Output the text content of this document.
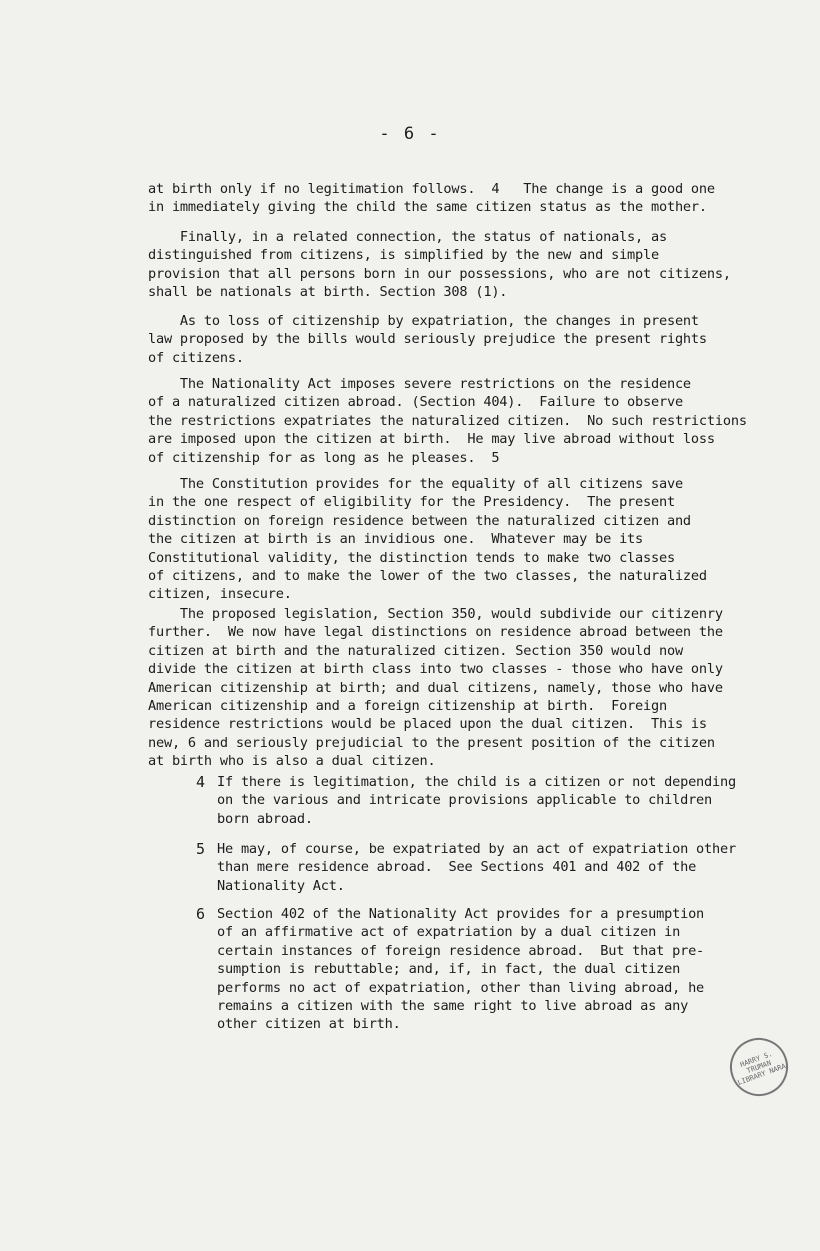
- 6 -
at birth only if no legitimation follows.  4   The change is a good one
in immediately giving the child the same citizen status as the mother.
Finally, in a related connection, the status of nationals, as
distinguished from citizens, is simplified by the new and simple
provision that all persons born in our possessions, who are not citizens,
shall be nationals at birth. Section 308 (1).
As to loss of citizenship by expatriation, the changes in present
law proposed by the bills would seriously prejudice the present rights
of citizens.
The Nationality Act imposes severe restrictions on the residence
of a naturalized citizen abroad. (Section 404).  Failure to observe
the restrictions expatriates the naturalized citizen.  No such restrictions
are imposed upon the citizen at birth.  He may live abroad without loss
of citizenship for as long as he pleases.  5
The Constitution provides for the equality of all citizens save
in the one respect of eligibility for the Presidency.  The present
distinction on foreign residence between the naturalized citizen and
the citizen at birth is an invidious one.  Whatever may be its
Constitutional validity, the distinction tends to make two classes
of citizens, and to make the lower of the two classes, the naturalized
citizen, insecure.
The proposed legislation, Section 350, would subdivide our citizenry
further.  We now have legal distinctions on residence abroad between the
citizen at birth and the naturalized citizen. Section 350 would now
divide the citizen at birth class into two classes - those who have only
American citizenship at birth; and dual citizens, namely, those who have
American citizenship and a foreign citizenship at birth.  Foreign
residence restrictions would be placed upon the dual citizen.  This is
new, 6 and seriously prejudicial to the present position of the citizen
at birth who is also a dual citizen.
4 If there is legitimation, the child is a citizen or not depending
on the various and intricate provisions applicable to children
born abroad.
5 He may, of course, be expatriated by an act of expatriation other
than mere residence abroad.  See Sections 401 and 402 of the
Nationality Act.
6 Section 402 of the Nationality Act provides for a presumption
of an affirmative act of expatriation by a dual citizen in
certain instances of foreign residence abroad.  But that pre-
sumption is rebuttable; and, if, in fact, the dual citizen
performs no act of expatriation, other than living abroad, he
remains a citizen with the same right to live abroad as any
other citizen at birth.
HARRY S. TRUMAN LIBRARY NARA
